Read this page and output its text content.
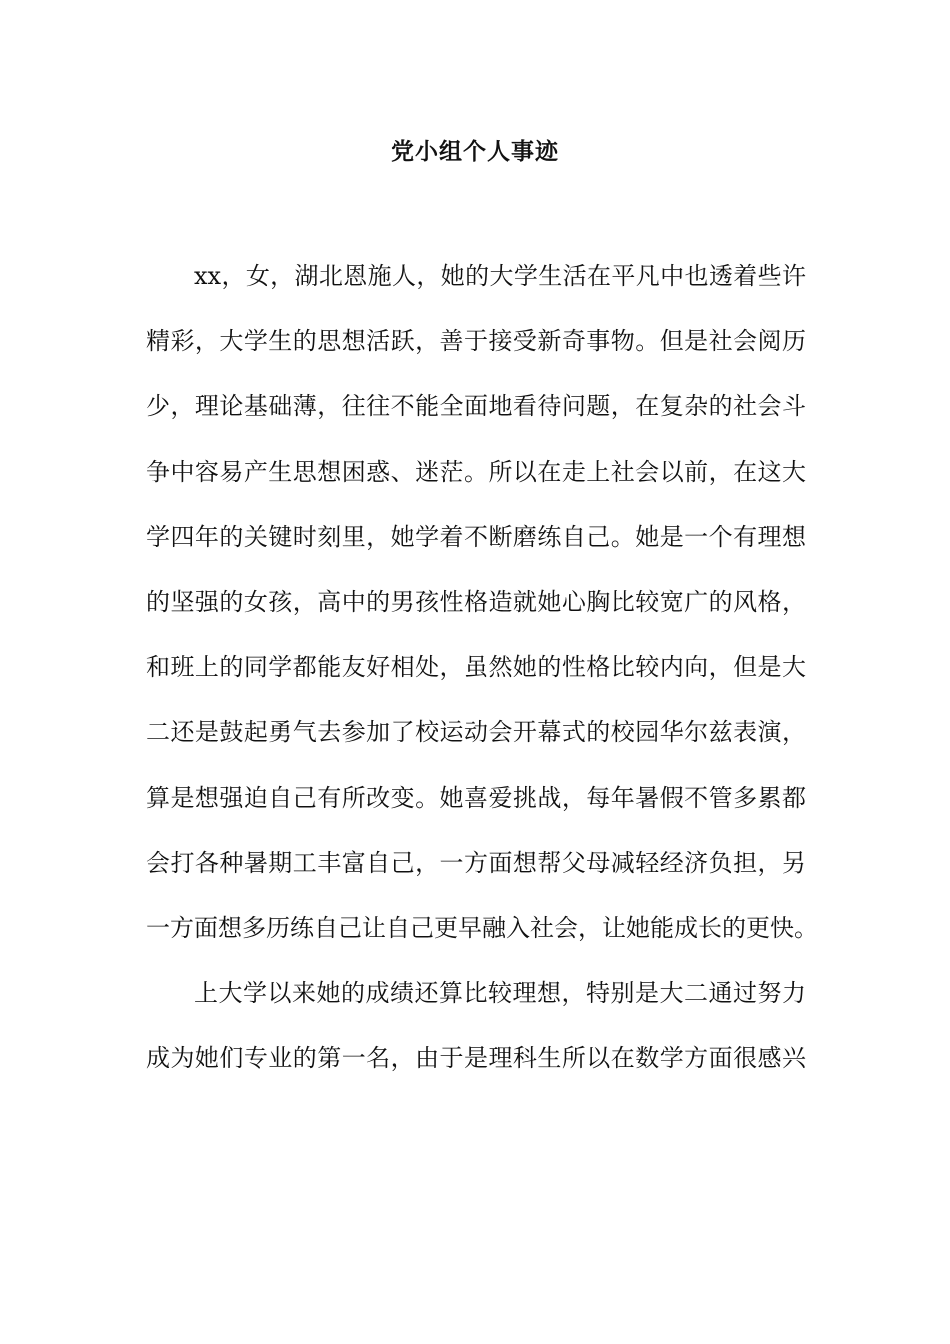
党小组个人事迹
xx，女，湖北恩施人，她的大学生活在平凡中也透着些许
精彩，大学生的思想活跃，善于接受新奇事物。但是社会阅历
少，理论基础薄，往往不能全面地看待问题，在复杂的社会斗
争中容易产生思想困惑、迷茫。所以在走上社会以前，在这大
学四年的关键时刻里，她学着不断磨练自己。她是一个有理想
的坚强的女孩，高中的男孩性格造就她心胸比较宽广的风格，
和班上的同学都能友好相处，虽然她的性格比较内向，但是大
二还是鼓起勇气去参加了校运动会开幕式的校园华尔兹表演，
算是想强迫自己有所改变。她喜爱挑战，每年暑假不管多累都
会打各种暑期工丰富自己，一方面想帮父母减轻经济负担，另
一方面想多历练自己让自己更早融入社会，让她能成长的更快。
上大学以来她的成绩还算比较理想，特别是大二通过努力
成为她们专业的第一名，由于是理科生所以在数学方面很感兴
